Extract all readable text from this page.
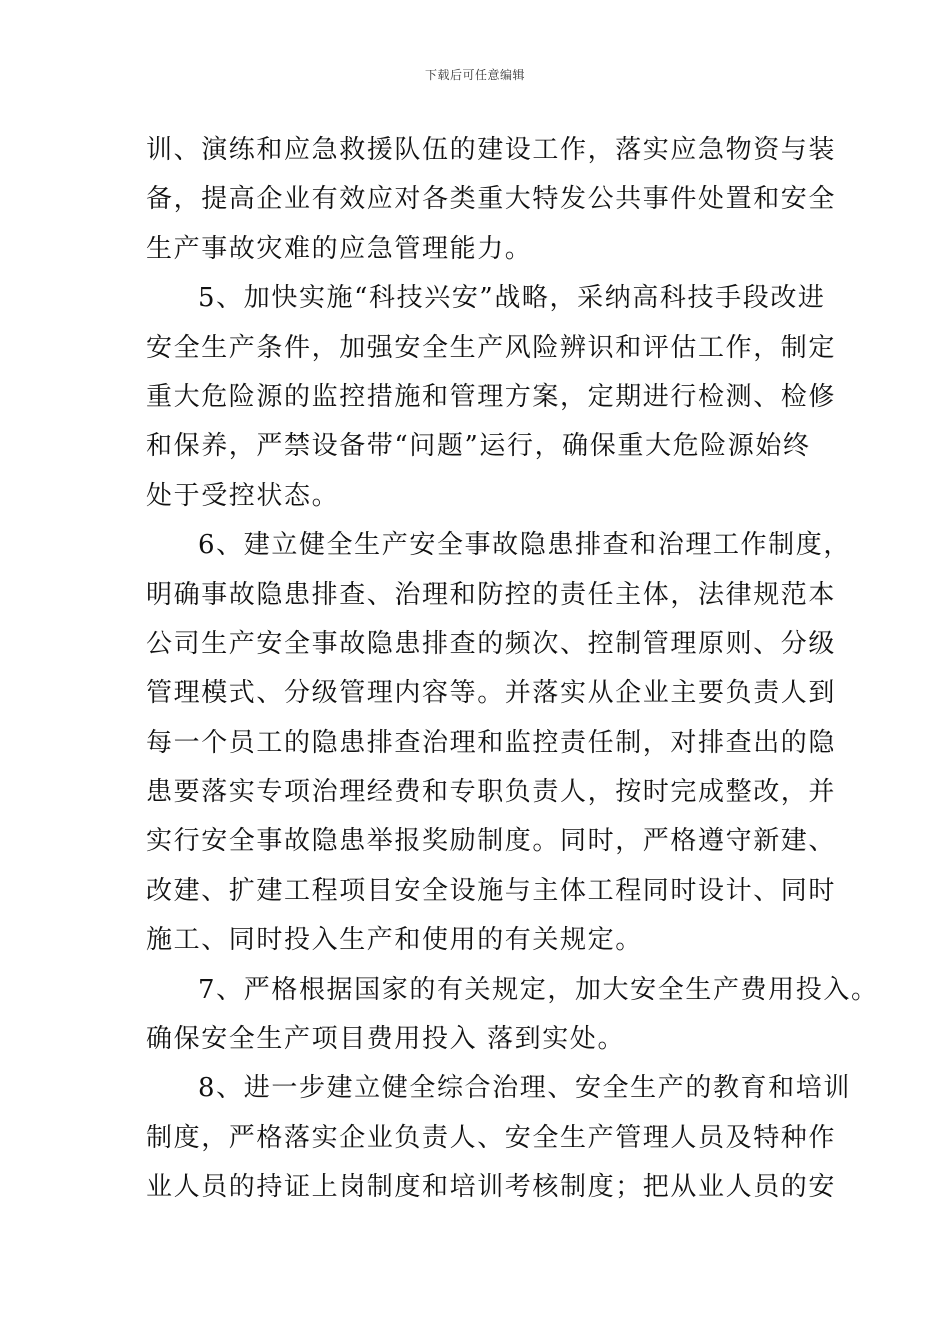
下载后可任意编辑
训、演练和应急救援队伍的建设工作，落实应急物资与装
备，提高企业有效应对各类重大特发公共事件处置和安全
生产事故灾难的应急管理能力。
5、加快实施“科技兴安”战略，采纳高科技手段改进
安全生产条件，加强安全生产风险辨识和评估工作，制定
重大危险源的监控措施和管理方案，定期进行检测、检修
和保养，严禁设备带“问题”运行，确保重大危险源始终
处于受控状态。
6、建立健全生产安全事故隐患排查和治理工作制度，
明确事故隐患排查、治理和防控的责任主体，法律规范本
公司生产安全事故隐患排查的频次、控制管理原则、分级
管理模式、分级管理内容等。并落实从企业主要负责人到
每一个员工的隐患排查治理和监控责任制，对排查出的隐
患要落实专项治理经费和专职负责人，按时完成整改，并
实行安全事故隐患举报奖励制度。同时，严格遵守新建、
改建、扩建工程项目安全设施与主体工程同时设计、同时
施工、同时投入生产和使用的有关规定。
7、严格根据国家的有关规定，加大安全生产费用投入。
确保安全生产项目费用投入 落到实处。
8、进一步建立健全综合治理、安全生产的教育和培训
制度，严格落实企业负责人、安全生产管理人员及特种作
业人员的持证上岗制度和培训考核制度；把从业人员的安
